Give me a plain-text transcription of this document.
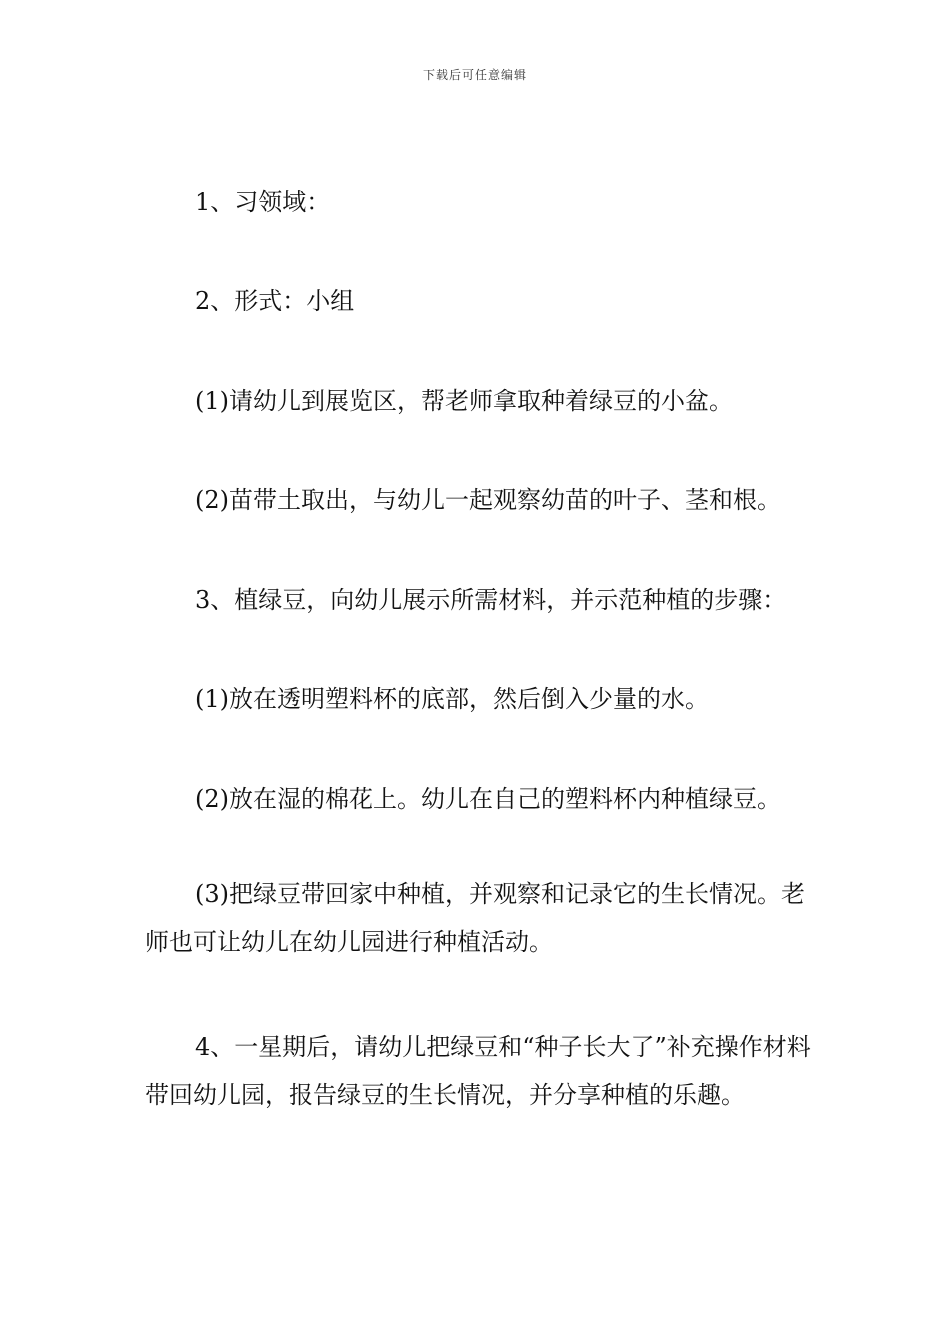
下载后可任意编辑

1、习领域：

2、形式：小组

(1)请幼儿到展览区，帮老师拿取种着绿豆的小盆。

(2)苗带土取出，与幼儿一起观察幼苗的叶子、茎和根。

3、植绿豆，向幼儿展示所需材料，并示范种植的步骤：

(1)放在透明塑料杯的底部，然后倒入少量的水。

(2)放在湿的棉花上。幼儿在自己的塑料杯内种植绿豆。

(3)把绿豆带回家中种植，并观察和记录它的生长情况。老师也可让幼儿在幼儿园进行种植活动。

4、一星期后，请幼儿把绿豆和“种子长大了”补充操作材料带回幼儿园，报告绿豆的生长情况，并分享种植的乐趣。
